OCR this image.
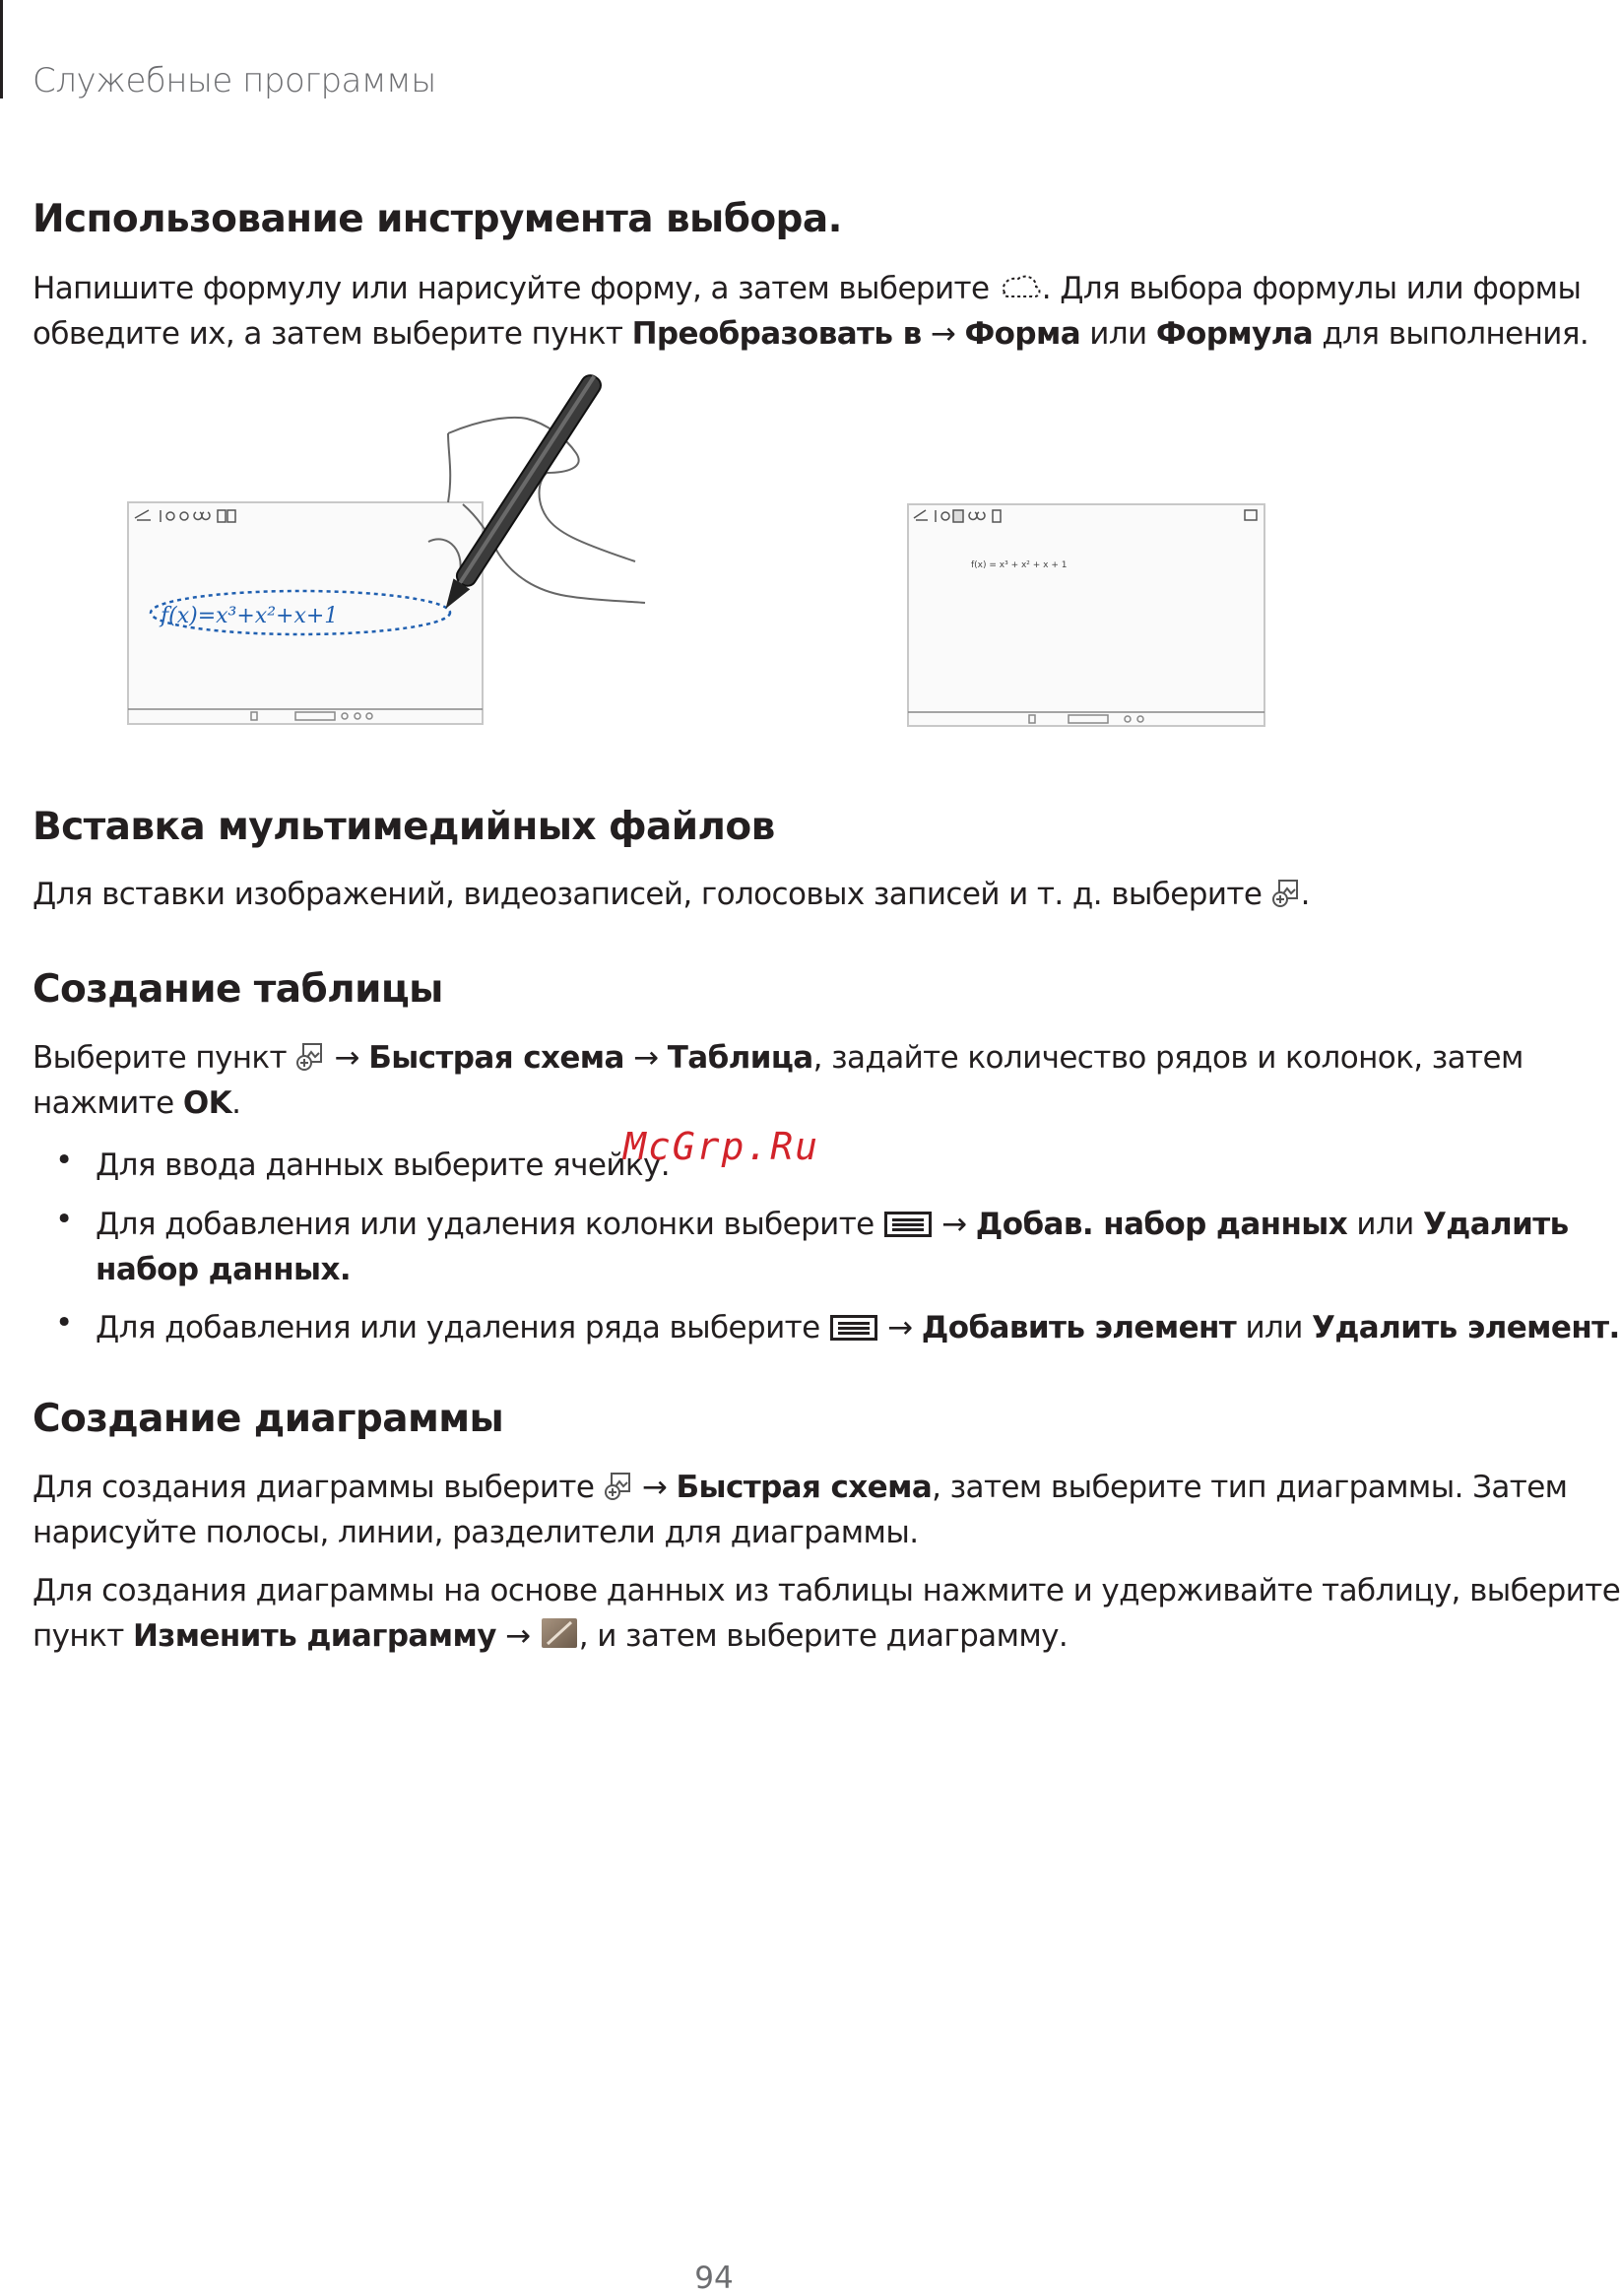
Служебные программы
Использование инструмента выбора.
Напишите формулу или нарисуйте форму, а затем выберите . Для выбора формулы или формы
обведите их, а затем выберите пункт Преобразовать в → Форма или Формула для выполнения.
f(x)=x³+x²+x+1
f(x) = x³ + x² + x + 1
Вставка мультимедийных файлов
Для вставки изображений, видеозаписей, голосовых записей и т. д. выберите .
Создание таблицы
Выберите пункт → Быстрая схема → Таблица, задайте количество рядов и колонок, затем
нажмите OK.
• Для ввода данных выберите ячейку.
McGrp.Ru
• Для добавления или удаления колонки выберите → Добав. набор данных или Удалить
набор данных.
• Для добавления или удаления ряда выберите → Добавить элемент или Удалить элемент.
Создание диаграммы
Для создания диаграммы выберите → Быстрая схема, затем выберите тип диаграммы. Затем
нарисуйте полосы, линии, разделители для диаграммы.
Для создания диаграммы на основе данных из таблицы нажмите и удерживайте таблицу, выберите
пункт Изменить диаграмму → , и затем выберите диаграмму.
94
